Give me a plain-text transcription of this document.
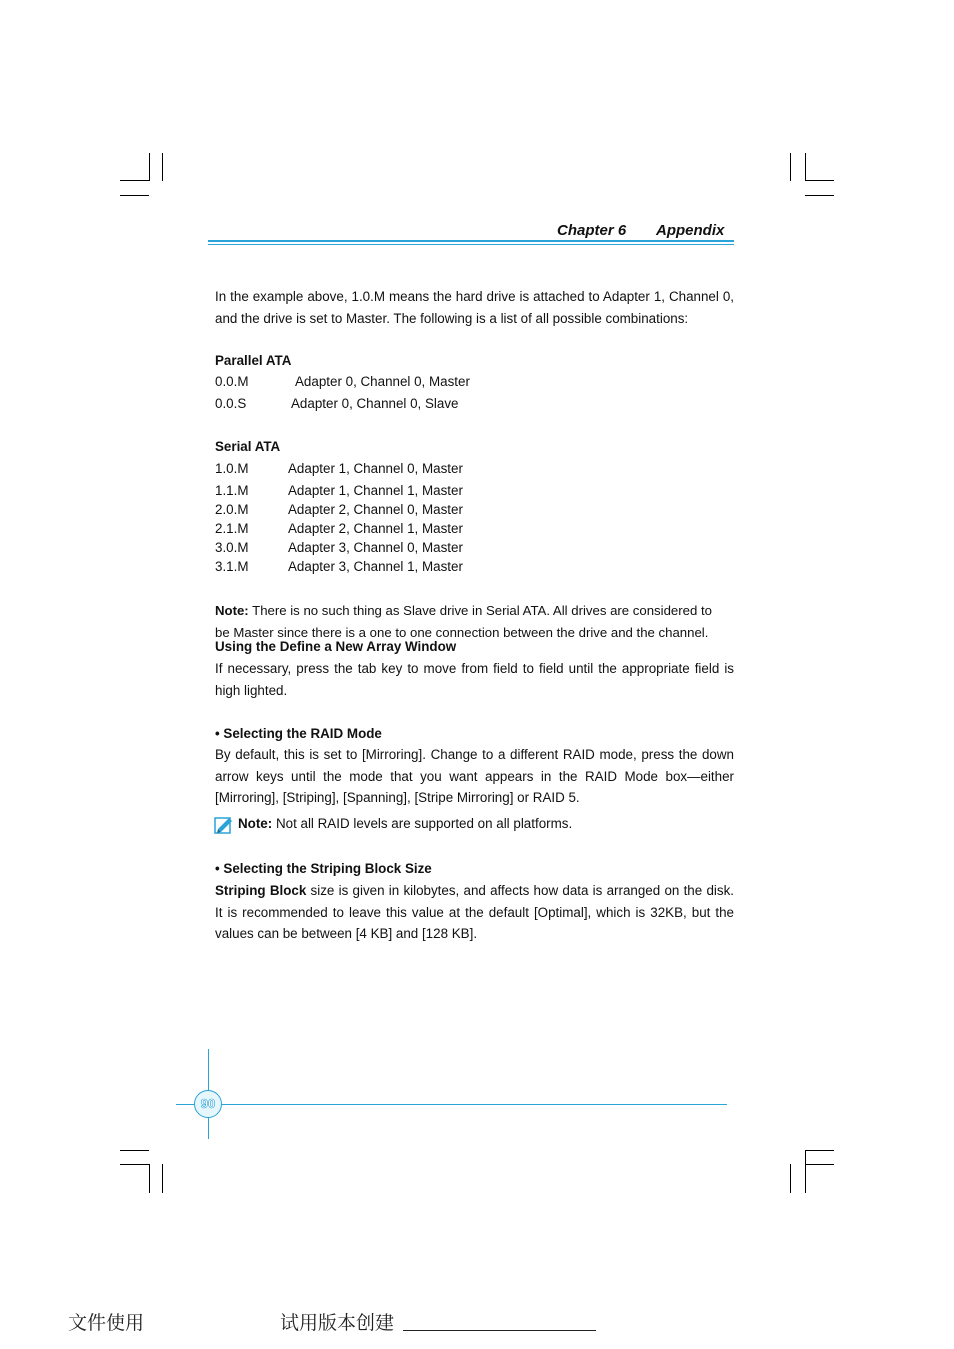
Chapter 6 Appendix
In the example above, 1.0.M means the hard drive is attached to Adapter 1, Channel 0, and the drive is set to Master. The following is a list of all possible combinations:
Parallel ATA
0.0.M	Adapter 0, Channel 0, Master
0.0.S	Adapter 0, Channel 0, Slave
Serial ATA
1.0.M	Adapter 1, Channel 0, Master
1.1.M	Adapter 1, Channel 1, Master
2.0.M	Adapter 2, Channel 0, Master
2.1.M	Adapter 2, Channel 1, Master
3.0.M	Adapter 3, Channel 0, Master
3.1.M	Adapter 3, Channel 1, Master
Note: There is no such thing as Slave drive in Serial ATA. All drives are considered to
be Master since there is a one to one connection between the drive and the channel.
Using the Define a New Array Window
If necessary, press the tab key to move from field to field until the appropriate field is high lighted.
• Selecting the RAID Mode
By default, this is set to [Mirroring]. Change to a different RAID mode, press the down arrow keys until the mode that you want appears in the RAID Mode box—either [Mirroring], [Striping], [Spanning], [Stripe Mirroring] or RAID 5.
Note: Not all RAID levels are supported on all platforms.
• Selecting the Striping Block Size
Striping Block size is given in kilobytes, and affects how data is arranged on the disk. It is recommended to leave this value at the default [Optimal], which is 32KB, but the values can be between [4 KB] and [128 KB].
90
文件使用	试用版本创建
